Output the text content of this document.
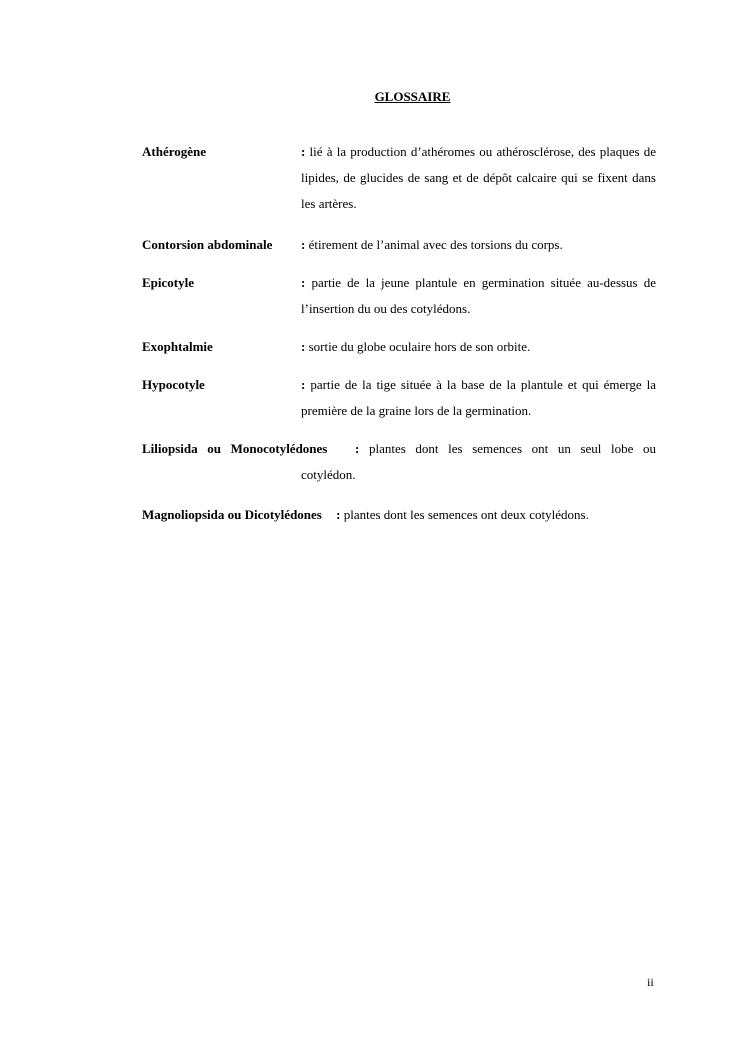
GLOSSAIRE
Athérogène	: lié à la production d’athéromes ou athérosclérose, des plaques de lipides, de glucides de sang et de dépôt calcaire qui se fixent dans les artères.
Contorsion abdominale : étirement de l’animal avec des torsions du corps.
Epicotyle	: partie de la jeune plantule en germination située au-dessus de l’insertion du ou des cotylédons.
Exophtalmie	: sortie du globe oculaire hors de son orbite.
Hypocotyle	: partie de la tige située à la base de la plantule et qui émerge la première de la graine lors de la germination.
Liliopsida ou Monocotylédones : plantes dont les semences ont un seul lobe ou
cotylédon.
Magnoliopsida ou Dicotylédones : plantes dont les semences ont deux cotylédons.
ii
